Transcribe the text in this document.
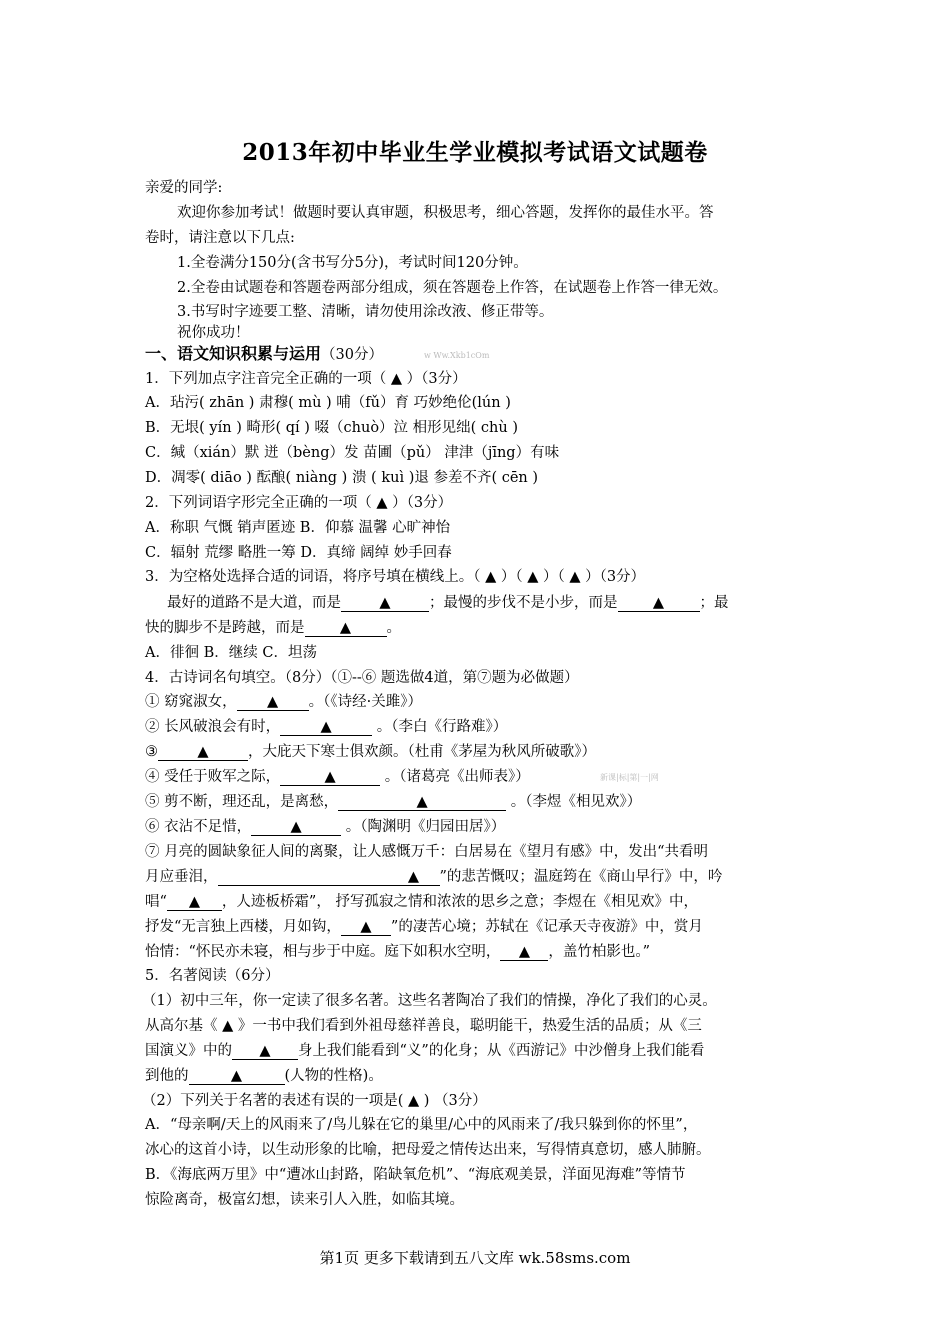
2013年初中毕业生学业模拟考试语文试题卷
亲爱的同学:
欢迎你参加考试！做题时要认真审题，积极思考，细心答题，发挥你的最佳水平。答
卷时，请注意以下几点:
1.全卷满分150分(含书写分5分)，考试时间120分钟。
2.全卷由试题卷和答题卷两部分组成，须在答题卷上作答，在试题卷上作答一律无效。
3.书写时字迹要工整、清晰，请勿使用涂改液、修正带等。
祝你成功！
一、语文知识积累与运用（30分）	w Ww.Xkb1cOm
1．下列加点字注音完全正确的一项（ ▲ ）（3分）
A．玷污( zhān ) 肃穆( mù ) 哺（fǔ）育 巧妙绝伦(lún )
B．无垠( yín ) 畸形( qí ) 啜（chuò）泣 相形见绌( chù )
C．缄（xián）默 迸（bèng）发 苗圃（pǔ） 津津（jīng）有味
D．凋零( diāo ) 酝酿( niàng ) 溃 ( kuì )退 参差不齐( cēn )
2．下列词语字形完全正确的一项（ ▲ ）（3分）
A．称职 气慨 销声匿迹 B．仰慕 温馨 心旷神怡
C．辐射 荒缪 略胜一筹 D．真缔 阔绰 妙手回春
3．为空格处选择合适的词语，将序号填在横线上。（ ▲ ）（ ▲ ）（ ▲ ）（3分）
最好的道路不是大道，而是	▲	；最慢的步伐不是小步，而是 ▲ ；最
快的脚步不是跨越，而是 ▲ 。
A．徘徊 B．继续 C．坦荡
4．古诗词名句填空。（8分）（①--⑥ 题选做4道，第⑦题为必做题）
① 窈窕淑女， ▲ 。（《诗经·关雎》）
② 长风破浪会有时，	▲	。（李白《行路难》）
③	▲	，大庇天下寒士俱欢颜。（杜甫《茅屋为秋风所破歌》）
④ 受任于败军之际，	▲	。（诸葛亮《出师表》）	新课|标|第|一|网
⑤ 剪不断，理还乱，是离愁，	▲	。（李煜《相见欢》）
⑥ 衣沾不足惜，	▲	。（陶渊明《归园田居》）
⑦ 月亮的圆缺象征人间的离聚，让人感慨万千：白居易在《望月有感》中，发出“共看明
月应垂泪，	▲ ”的悲苦慨叹；温庭筠在《商山早行》中，吟
唱“ ▲ ，人迹板桥霜”， 抒写孤寂之情和浓浓的思乡之意；李煜在《相见欢》中，
抒发“无言独上西楼，月如钩， ▲ ”的凄苦心境；苏轼在《记承天寺夜游》中，赏月
怡情：“怀民亦未寝，相与步于中庭。庭下如积水空明， ▲ ，盖竹柏影也。”
5．名著阅读（6分）
（1）初中三年，你一定读了很多名著。这些名著陶冶了我们的情操，净化了我们的心灵。
从高尔基《 ▲ 》一书中我们看到外祖母慈祥善良，聪明能干，热爱生活的品质；从《三
国演义》中的 ▲ 身上我们能看到“义”的化身；从《西游记》中沙僧身上我们能看
到他的	▲	(人物的性格)。
（2）下列关于名著的表述有误的一项是( ▲ ) （3分）
A．“母亲啊/天上的风雨来了/鸟儿躲在它的巢里/心中的风雨来了/我只躲到你的怀里”，
冰心的这首小诗，以生动形象的比喻，把母爱之情传达出来，写得情真意切，感人肺腑。
B．《海底两万里》中“遭冰山封路，陷缺氧危机”、“海底观美景，洋面见海难”等情节
惊险离奇，极富幻想，读来引人入胜，如临其境。
第1页 更多下载请到五八文库 wk.58sms.com
